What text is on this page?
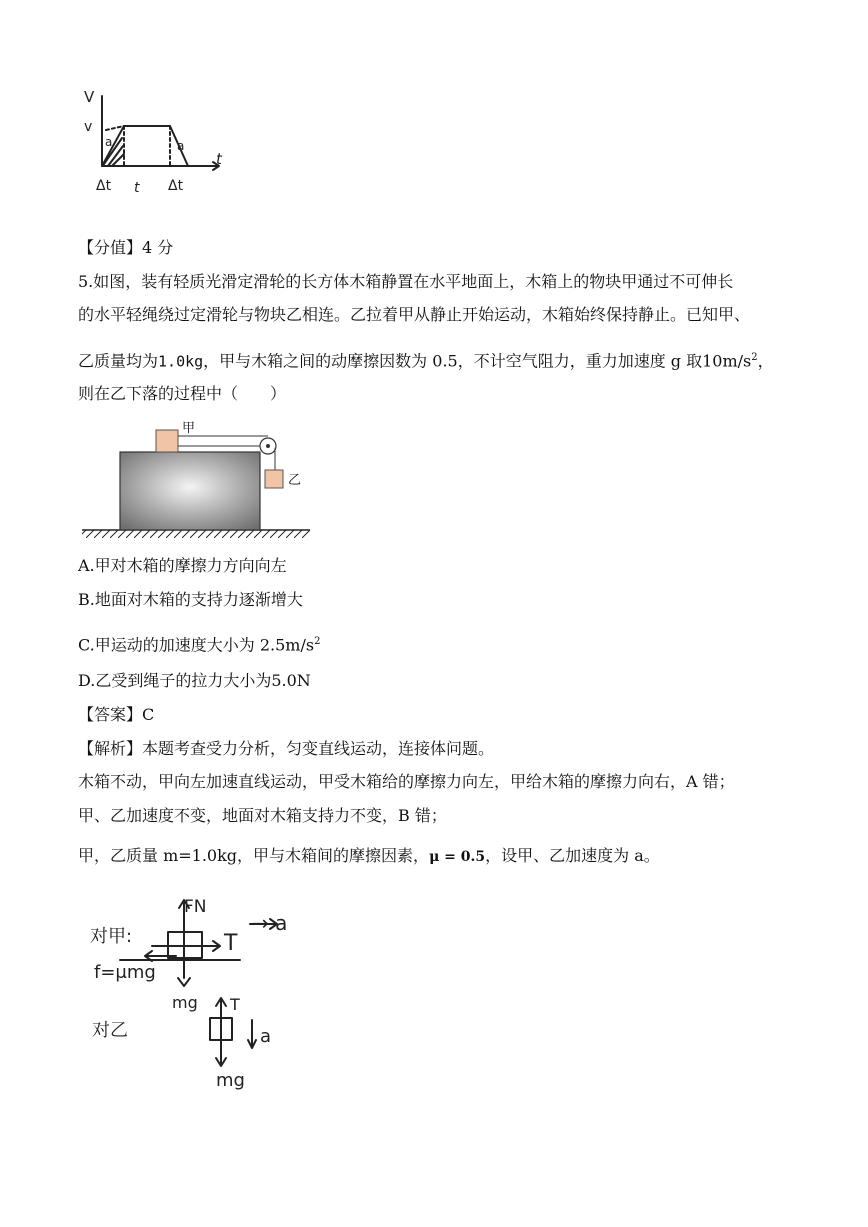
V
v
t
a	a
Δt t Δt
【分值】4 分
5.如图，装有轻质光滑定滑轮的长方体木箱静置在水平地面上，木箱上的物块甲通过不可伸长
的水平轻绳绕过定滑轮与物块乙相连。乙拉着甲从静止开始运动，木箱始终保持静止。已知甲、
乙质量均为1.0kg，甲与木箱之间的动摩擦因数为 0.5，不计空气阻力，重力加速度 g 取$10m/s^2$，
则在乙下落的过程中（　　）
甲
乙
A.甲对木箱的摩擦力方向向左
B.地面对木箱的支持力逐渐增大
C.甲运动的加速度大小为 $2.5m/s^2$
D.乙受到绳子的拉力大小为5.0N
【答案】C
【解析】本题考查受力分析，匀变直线运动，连接体问题。
木箱不动，甲向左加速直线运动，甲受木箱给的摩擦力向左，甲给木箱的摩擦力向右，A 错；
甲、乙加速度不变，地面对木箱支持力不变，B 错；
甲，乙质量 m=1.0kg，甲与木箱间的摩擦因素，μ = 0.5，设甲、乙加速度为 a。
FN
T
→ a
对甲:
f=μmg
mg T
a
对乙
mg
